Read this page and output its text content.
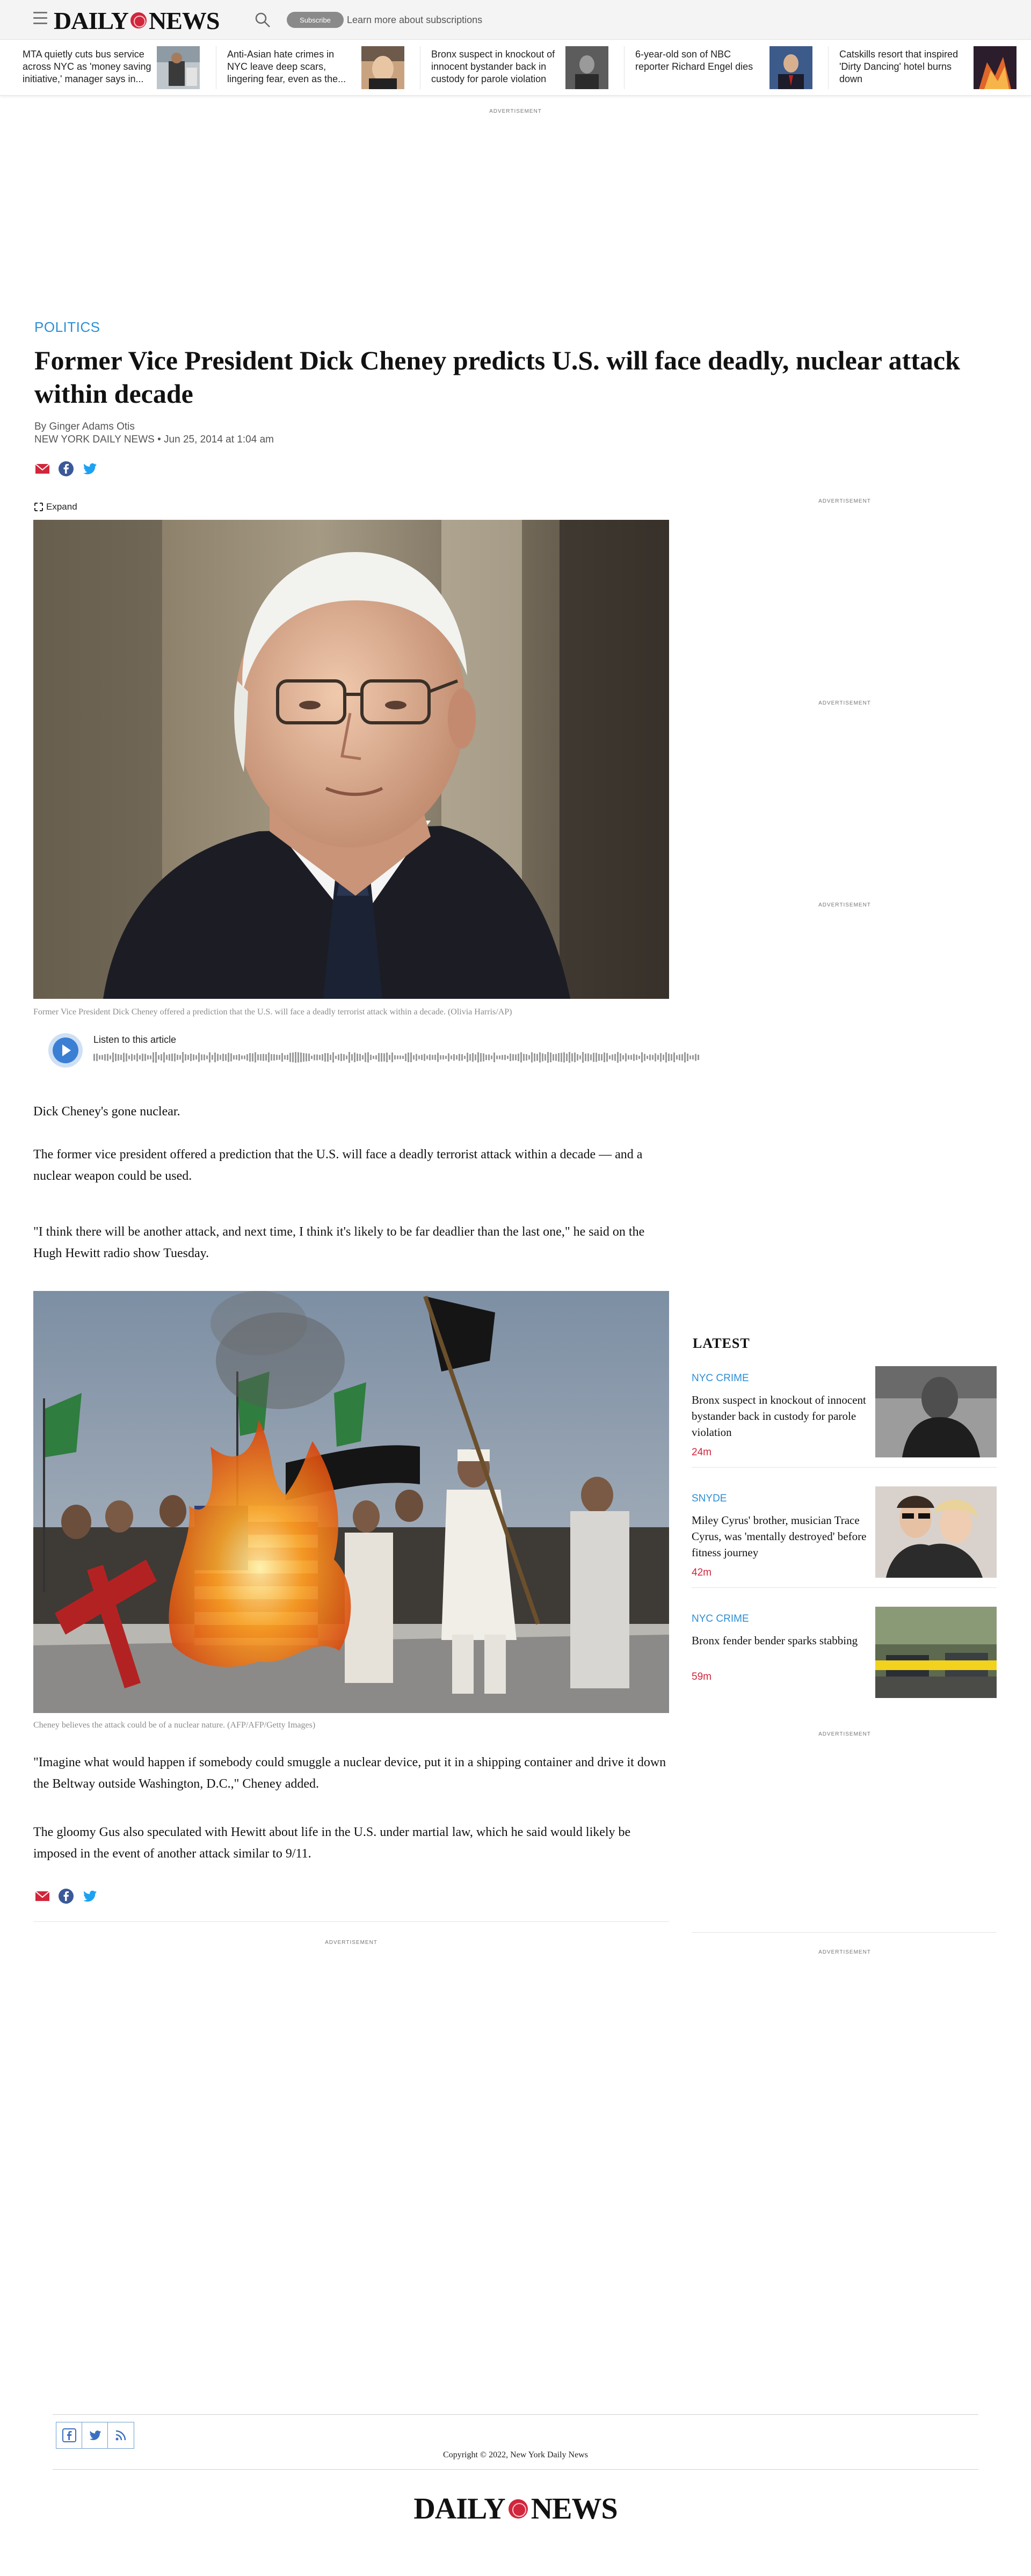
DAILY NEWS	Subscribe	Learn more about subscriptions
MTA quietly cuts bus service across NYC as 'money saving initiative,' manager says in...
Anti-Asian hate crimes in NYC leave deep scars, lingering fear, even as the...
Bronx suspect in knockout of innocent bystander back in custody for parole violation
6-year-old son of NBC reporter Richard Engel dies
Catskills resort that inspired 'Dirty Dancing' hotel burns down
ADVERTISEMENT
POLITICS
Former Vice President Dick Cheney predicts U.S. will face deadly, nuclear attack within decade
By Ginger Adams Otis
NEW YORK DAILY NEWS • Jun 25, 2014 at 1:04 am
ADVERTISEMENT
ADVERTISEMENT
ADVERTISEMENT
Expand
Former Vice President Dick Cheney offered a prediction that the U.S. will face a deadly terrorist attack within a decade. (Olivia Harris/AP)
Listen to this article

Dick Cheney's gone nuclear.

The former vice president offered a prediction that the U.S. will face a deadly terrorist attack within a decade — and a nuclear weapon could be used.

"I think there will be another attack, and next time, I think it's likely to be far deadlier than the last one," he said on the Hugh Hewitt radio show Tuesday.

Cheney believes the attack could be of a nuclear nature. (AFP/AFP/Getty Images)

"Imagine what would happen if somebody could smuggle a nuclear device, put it in a shipping container and drive it down the Beltway outside Washington, D.C.," Cheney added.

The gloomy Gus also speculated with Hewitt about life in the U.S. under martial law, which he said would likely be imposed in the event of another attack similar to 9/11.

ADVERTISEMENT
LATEST
NYC CRIME
Bronx suspect in knockout of innocent bystander back in custody for parole violation
24m
SNYDE
Miley Cyrus' brother, musician Trace Cyrus, was 'mentally destroyed' before fitness journey
42m
NYC CRIME
Bronx fender bender sparks stabbing
59m
ADVERTISEMENT
ADVERTISEMENT
Copyright © 2022, New York Daily News
DAILY NEWS
